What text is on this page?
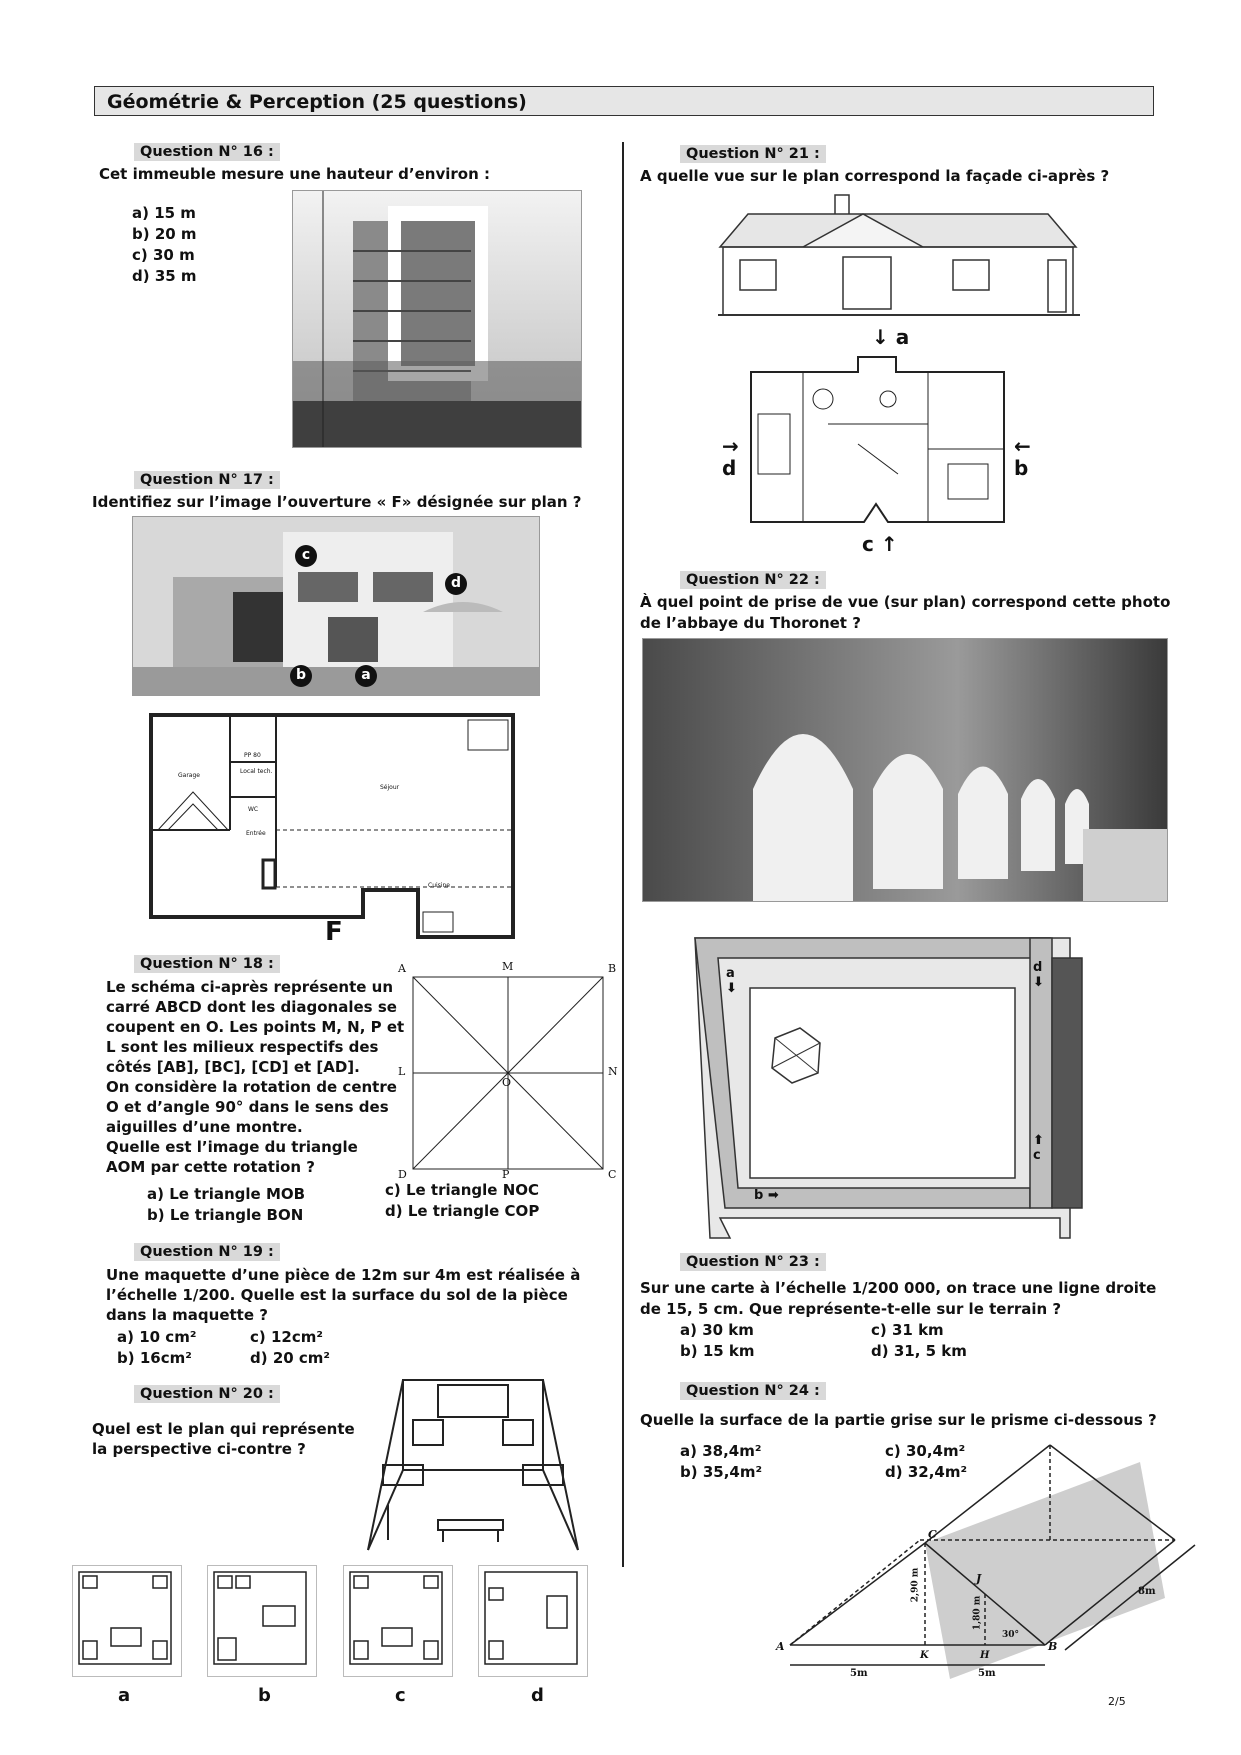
Géométrie & Perception (25 questions)
Question N° 16 :
Cet immeuble mesure une hauteur d’environ :
a) 15 m
b) 20 m
c) 30 m
d) 35 m
Question N° 17 :
Identifiez sur l’image l’ouverture « F» désignée sur plan ?
c
d
b	a
Garage
Local tech.
WC
Entrée
Séjour
Cuisine
PP 80
F
Question N° 18 :
Le schéma ci-après représente un
carré ABCD dont les diagonales se
coupent en O. Les points M, N, P et
L sont les milieux respectifs des
côtés [AB], [BC], [CD] et [AD].
On considère la rotation de centre
O et d’angle 90° dans le sens des
aiguilles d’une montre.
Quelle est l’image du triangle
AOM par cette rotation ?
a) Le triangle MOB
b) Le triangle BON
c) Le triangle NOC
d) Le triangle COP
A	M	B
L	N
O
D	P	C
Question N° 19 :
Une maquette d’une pièce de 12m sur 4m est réalisée à
l’échelle 1/200. Quelle est la surface du sol de la pièce
dans la maquette ?
a) 10 cm²	c) 12cm²
b) 16cm²	d) 20 cm²
Question N° 20 :
Quel est le plan qui représente
la perspective ci-contre ?
a	b	c	d
Question N° 21 :
A quelle vue sur le plan correspond la façade ci-après ?
↓ a
→
d
←
b
c ↑
Question N° 22 :
À quel point de prise de vue (sur plan) correspond cette photo
de l’abbaye du Thoronet ?
a
⬇
d
⬇
⬆
c
b ➡
Question N° 23 :
Sur une carte à l’échelle 1/200 000, on trace une ligne droite
de 15, 5 cm. Que représente-t-elle sur le terrain ?
a) 30 km	c) 31 km
b) 15 km	d) 31, 5 km
Question N° 24 :
Quelle la surface de la partie grise sur le prisme ci-dessous ?
a) 38,4m²	c) 30,4m²
b) 35,4m²	d) 32,4m²
A	B
C
J
K	H
2,90 m
1,80 m
30°
5m	5m
8m
2/5
